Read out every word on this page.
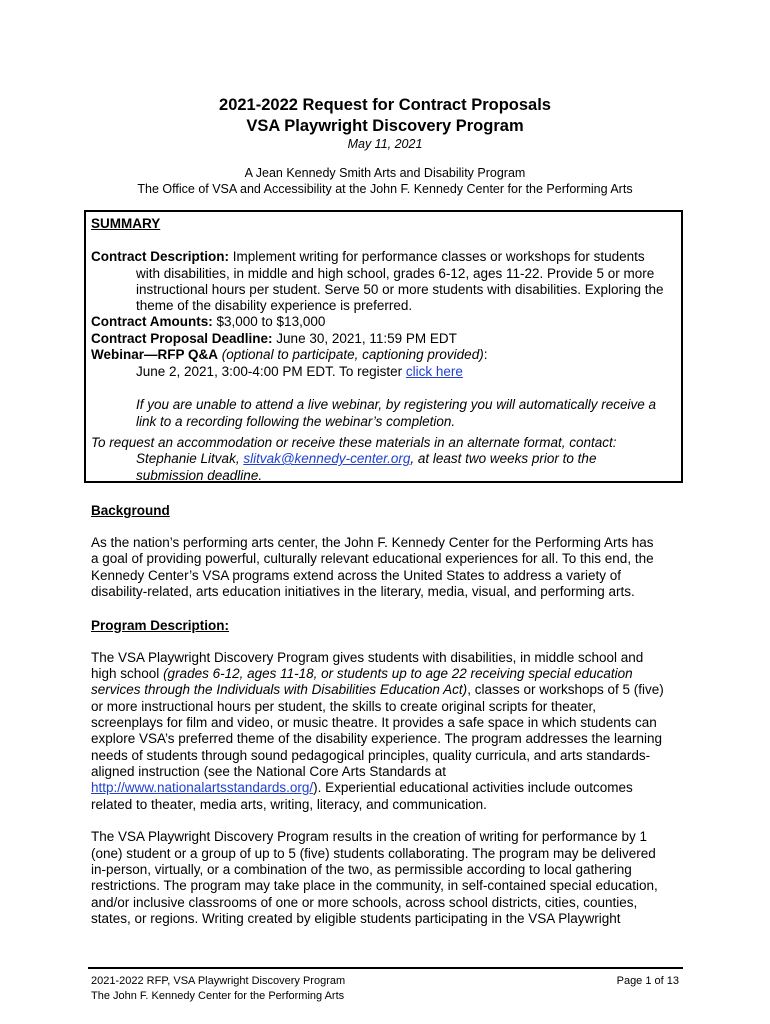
2021-2022 Request for Contract Proposals
VSA Playwright Discovery Program
May 11, 2021
A Jean Kennedy Smith Arts and Disability Program
The Office of VSA and Accessibility at the John F. Kennedy Center for the Performing Arts
SUMMARY
Contract Description: Implement writing for performance classes or workshops for students
with disabilities, in middle and high school, grades 6-12, ages 11-22. Provide 5 or more
instructional hours per student. Serve 50 or more students with disabilities. Exploring the
theme of the disability experience is preferred.
Contract Amounts: $3,000 to $13,000
Contract Proposal Deadline: June 30, 2021, 11:59 PM EDT
Webinar—RFP Q&A (optional to participate, captioning provided):
June 2, 2021, 3:00-4:00 PM EDT. To register click here
If you are unable to attend a live webinar, by registering you will automatically receive a
link to a recording following the webinar’s completion.
To request an accommodation or receive these materials in an alternate format, contact:
Stephanie Litvak, slitvak@kennedy-center.org, at least two weeks prior to the
submission deadline.
Background
As the nation’s performing arts center, the John F. Kennedy Center for the Performing Arts has
a goal of providing powerful, culturally relevant educational experiences for all. To this end, the
Kennedy Center’s VSA programs extend across the United States to address a variety of
disability-related, arts education initiatives in the literary, media, visual, and performing arts.
Program Description:
The VSA Playwright Discovery Program gives students with disabilities, in middle school and
high school (grades 6-12, ages 11-18, or students up to age 22 receiving special education
services through the Individuals with Disabilities Education Act), classes or workshops of 5 (five)
or more instructional hours per student, the skills to create original scripts for theater,
screenplays for film and video, or music theatre. It provides a safe space in which students can
explore VSA’s preferred theme of the disability experience. The program addresses the learning
needs of students through sound pedagogical principles, quality curricula, and arts standards-
aligned instruction (see the National Core Arts Standards at
http://www.nationalartsstandards.org/). Experiential educational activities include outcomes
related to theater, media arts, writing, literacy, and communication.
The VSA Playwright Discovery Program results in the creation of writing for performance by 1
(one) student or a group of up to 5 (five) students collaborating. The program may be delivered
in-person, virtually, or a combination of the two, as permissible according to local gathering
restrictions. The program may take place in the community, in self-contained special education,
and/or inclusive classrooms of one or more schools, across school districts, cities, counties,
states, or regions. Writing created by eligible students participating in the VSA Playwright
2021-2022 RFP, VSA Playwright Discovery Program
The John F. Kennedy Center for the Performing Arts
Page 1 of 13
